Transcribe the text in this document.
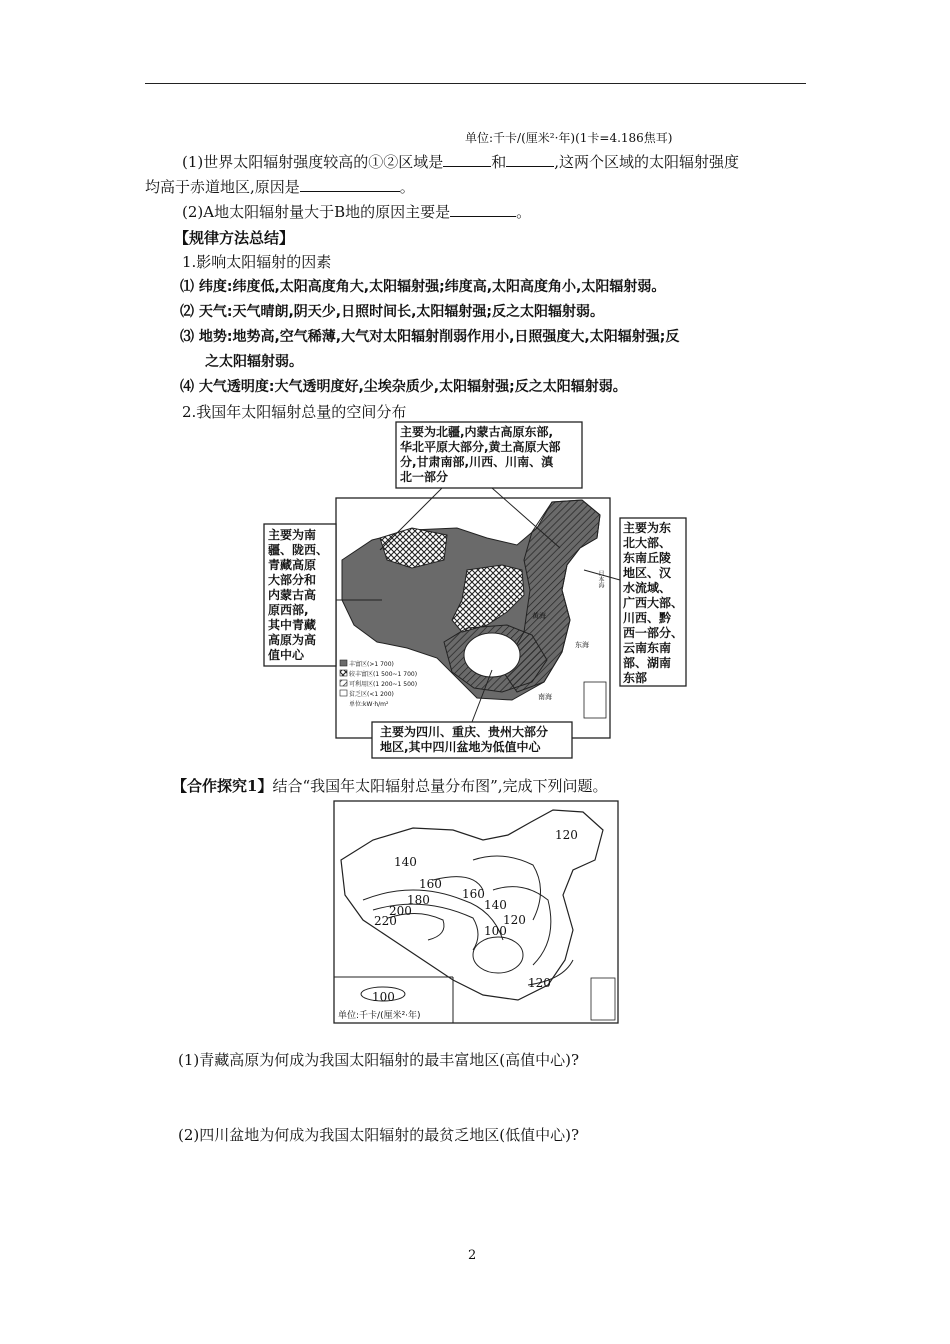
单位:千卡/(厘米²·年)(1卡=4.186焦耳)
(1)世界太阳辐射强度较高的①②区域是	和	,这两个区域的太阳辐射强度
均高于赤道地区,原因是	。
(2)A地太阳辐射量大于B地的原因主要是	。
【规律方法总结】
1.影响太阳辐射的因素
⑴ 纬度:纬度低,太阳高度角大,太阳辐射强;纬度高,太阳高度角小,太阳辐射弱。
⑵ 天气:天气晴朗,阴天少,日照时间长,太阳辐射强;反之太阳辐射弱。
⑶ 地势:地势高,空气稀薄,大气对太阳辐射削弱作用小,日照强度大,太阳辐射强;反
之太阳辐射弱。
⑷ 大气透明度:大气透明度好,尘埃杂质少,太阳辐射强;反之太阳辐射弱。
2.我国年太阳辐射总量的空间分布
主要为北疆,内蒙古高原东部,
华北平原大部分,黄土高原大部
分,甘肃南部,川西、川南、滇
北一部分
主要为南
疆、陇西、
青藏高原
大部分和
内蒙古高
原西部,
其中青藏
高原为高
值中心
主要为东
北大部、
东南丘陵
地区、汉
水流域、
广西大部、
川西、黔
西一部分、
云南东南
部、湖南
东部
主要为四川、重庆、贵州大部分
地区,其中四川盆地为低值中心
丰富区(>1 700)
较丰富区(1 500~1 700)
可利用区(1 200~1 500)
贫乏区(<1 200)
单位:kW·h/m²
黄海
东海
南海
日本海
【合作探究1】结合“我国年太阳辐射总量分布图”,完成下列问题。
120
140
160
180
200
220
160
140
120
100
120
100
单位:千卡/(厘米²·年)
(1)青藏高原为何成为我国太阳辐射的最丰富地区(高值中心)?
(2)四川盆地为何成为我国太阳辐射的最贫乏地区(低值中心)?
2
